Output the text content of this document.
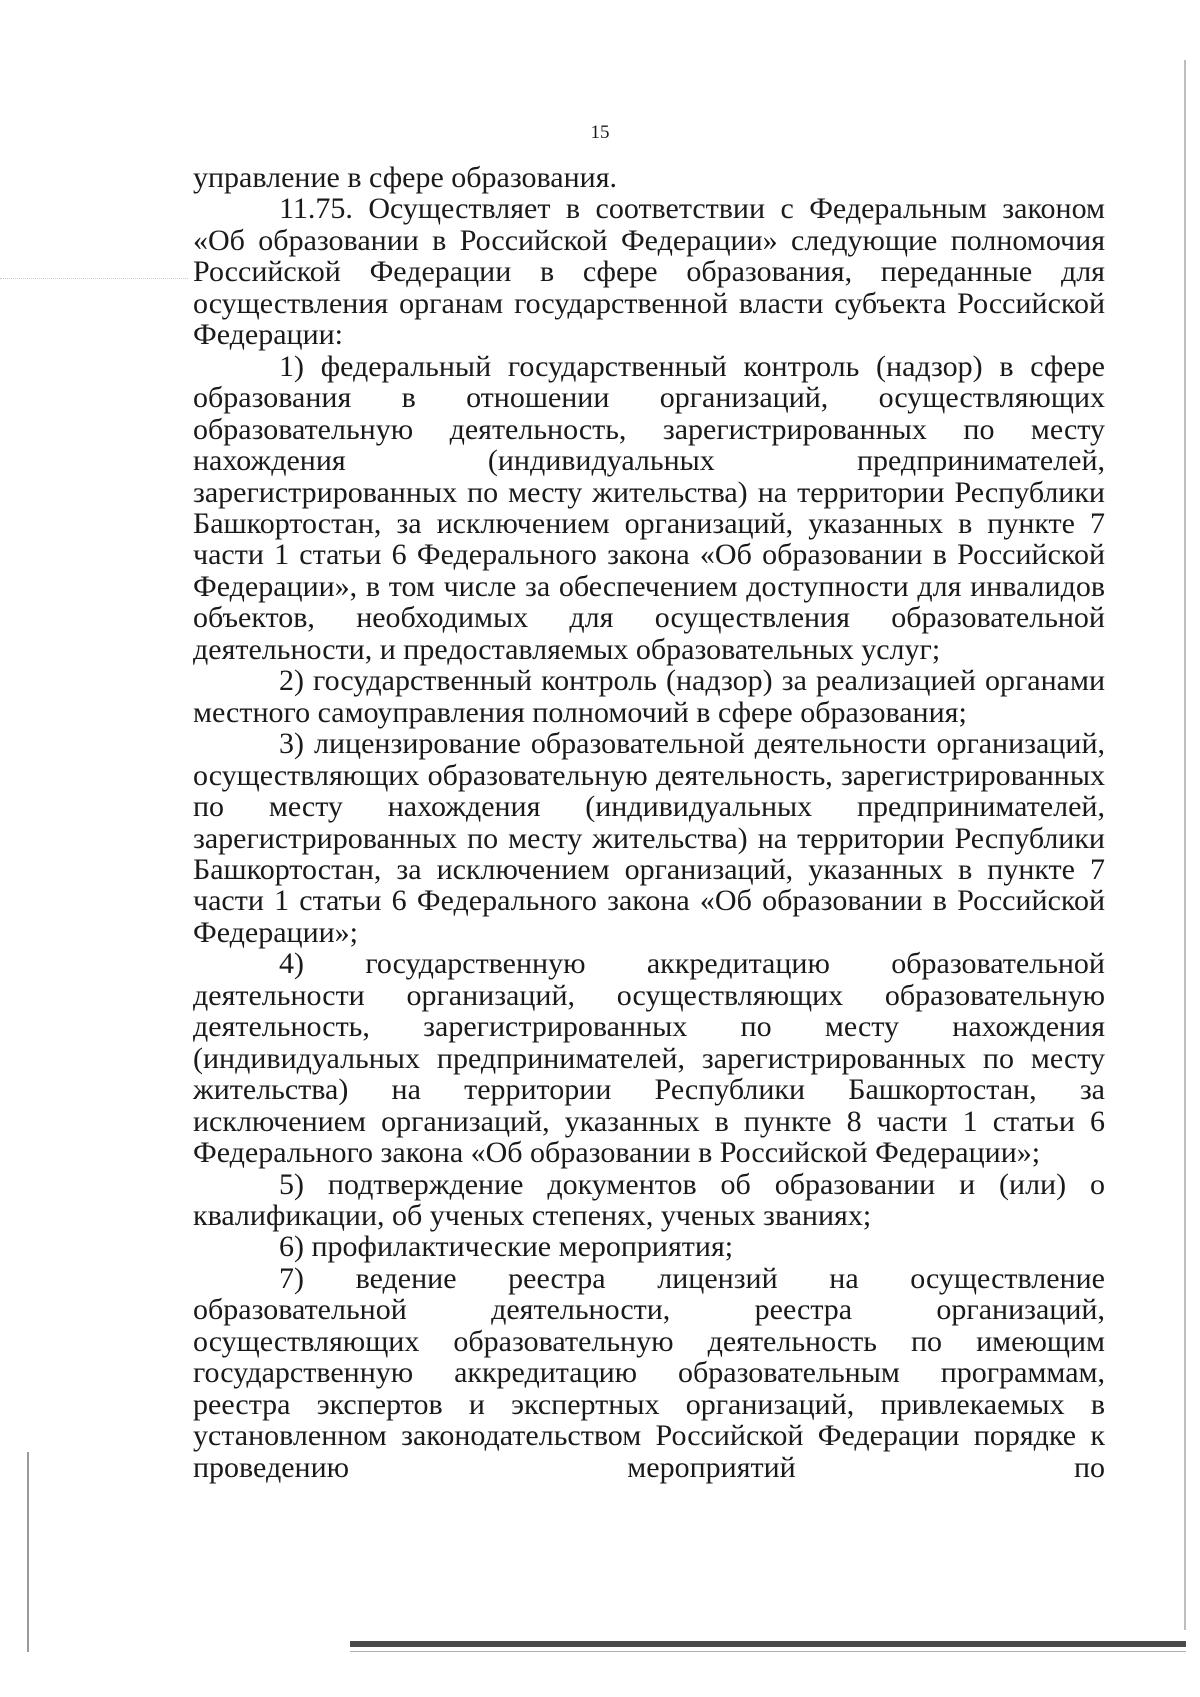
15

управление в сфере образования.

11.75. Осуществляет в соответствии с Федеральным законом «Об образовании в Российской Федерации» следующие полномочия Российской Федерации в сфере образования, переданные для осуществления органам государственной власти субъекта Российской Федерации:

1) федеральный государственный контроль (надзор) в сфере образования в отношении организаций, осуществляющих образовательную деятельность, зарегистрированных по месту нахождения (индивидуальных предпринимателей, зарегистрированных по месту жительства) на территории Республики Башкортостан, за исключением организаций, указанных в пункте 7 части 1 статьи 6 Федерального закона «Об образовании в Российской Федерации», в том числе за обеспечением доступности для инвалидов объектов, необходимых для осуществления образовательной деятельности, и предоставляемых образовательных услуг;

2) государственный контроль (надзор) за реализацией органами местного самоуправления полномочий в сфере образования;

3) лицензирование образовательной деятельности организаций, осуществляющих образовательную деятельность, зарегистрированных по месту нахождения (индивидуальных предпринимателей, зарегистрированных по месту жительства) на территории Республики Башкортостан, за исключением организаций, указанных в пункте 7 части 1 статьи 6 Федерального закона «Об образовании в Российской Федерации»;

4) государственную аккредитацию образовательной деятельности организаций, осуществляющих образовательную деятельность, зарегистрированных по месту нахождения (индивидуальных предпринимателей, зарегистрированных по месту жительства) на территории Республики Башкортостан, за исключением организаций, указанных в пункте 8 части 1 статьи 6 Федерального закона «Об образовании в Российской Федерации»;

5) подтверждение документов об образовании и (или) о квалификации, об ученых степенях, ученых званиях;

6) профилактические мероприятия;

7) ведение реестра лицензий на осуществление образовательной деятельности, реестра организаций, осуществляющих образовательную деятельность по имеющим государственную аккредитацию образовательным программам, реестра экспертов и экспертных организаций, привлекаемых в установленном законодательством Российской Федерации порядке к проведению мероприятий по
